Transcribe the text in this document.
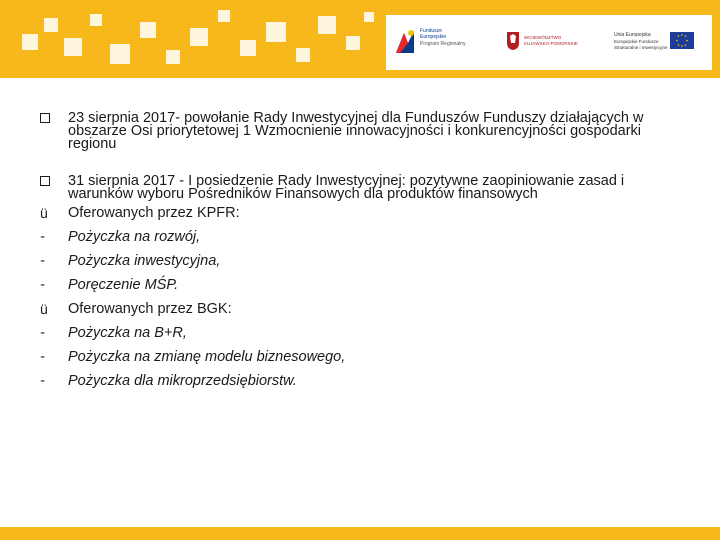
Fundusze
Europejskie
Program Regionalny
WOJEWÓDZTWO
KUJAWSKO-POMORSKIE
Unia Europejska
Europejskie Fundusze
Strukturalne i Inwestycyjne
23 sierpnia 2017- powołanie Rady Inwestycyjnej dla Funduszów Funduszy działających w obszarze Osi priorytetowej 1 Wzmocnienie innowacyjności i konkurencyjności gospodarki regionu
31 sierpnia 2017 - I posiedzenie Rady Inwestycyjnej: pozytywne zaopiniowanie zasad i warunków wyboru Pośredników Finansowych dla produktów finansowych
ü	Oferowanych przez KPFR:
-	Pożyczka na rozwój,
-	Pożyczka inwestycyjna,
-	Poręczenie MŚP.
ü	Oferowanych przez BGK:
-	Pożyczka na B+R,
-	Pożyczka na zmianę modelu biznesowego,
-	Pożyczka dla mikroprzedsiębiorstw.
